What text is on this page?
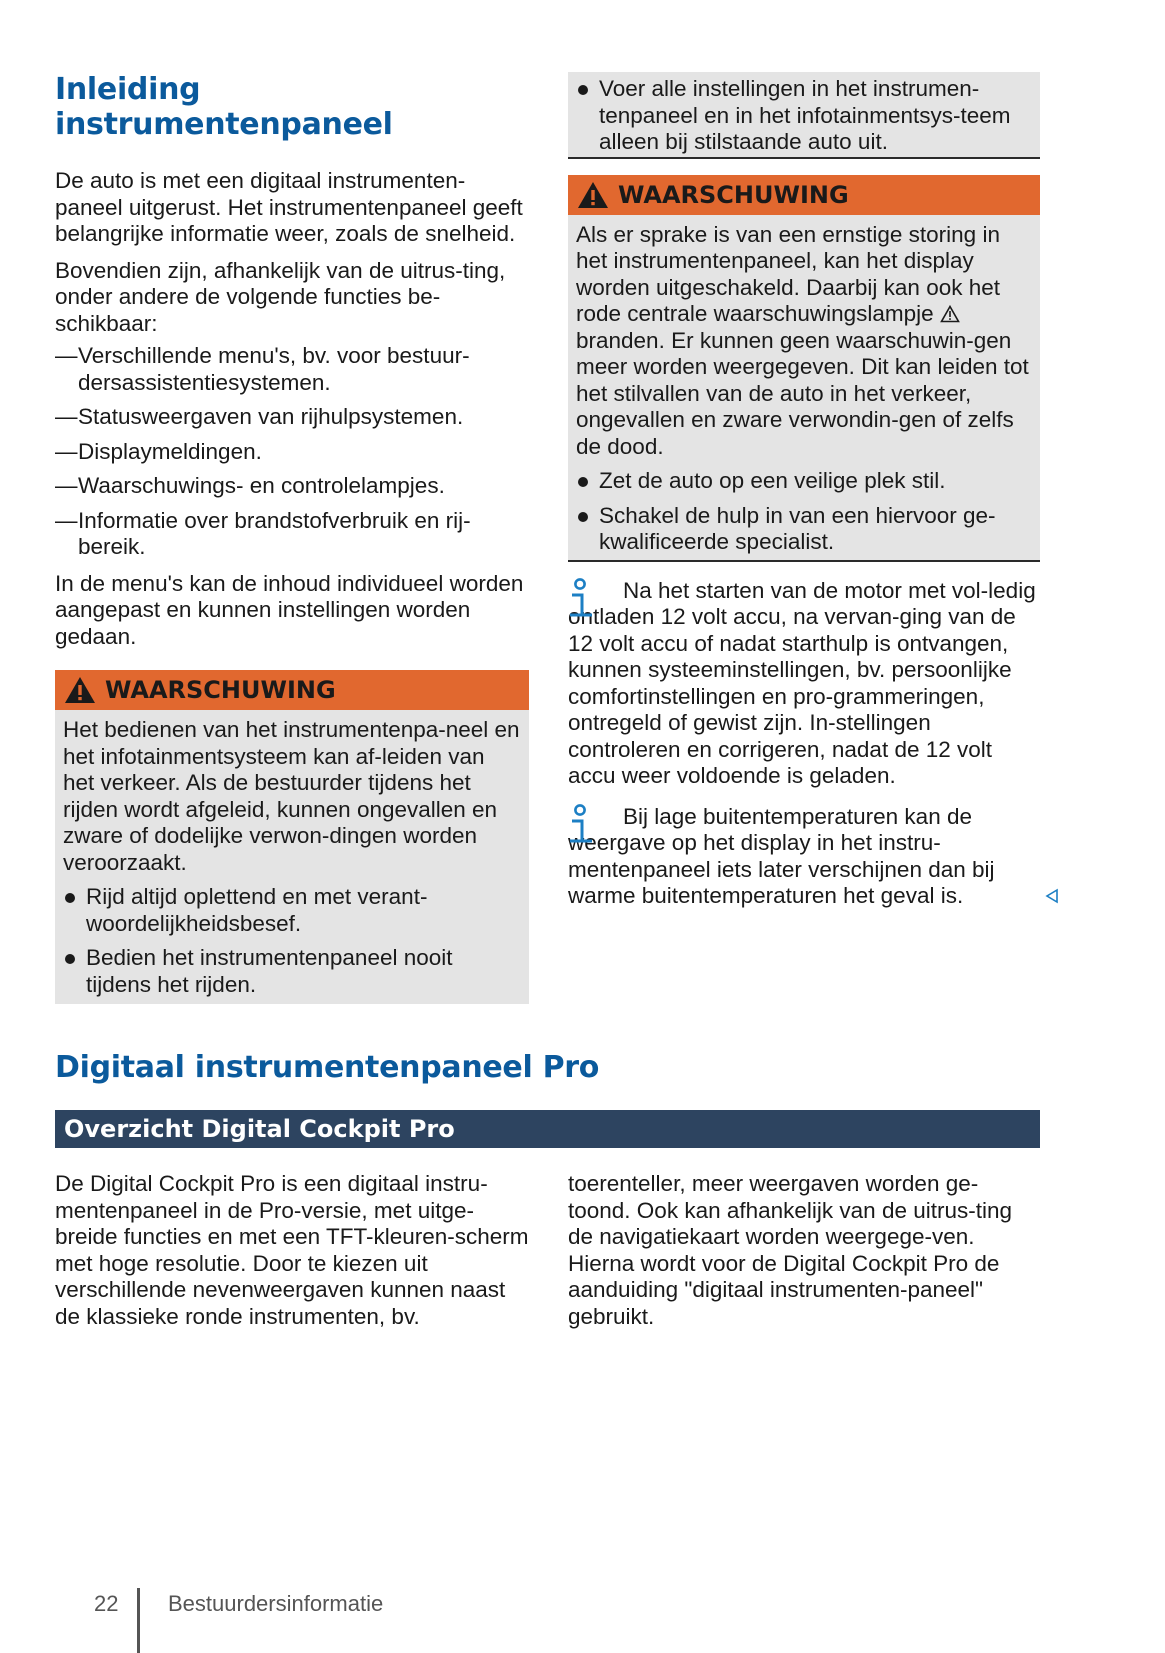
Inleiding instrumentenpaneel

De auto is met een digitaal instrumenten-paneel uitgerust. Het instrumentenpaneel geeft belangrijke informatie weer, zoals de snelheid.

Bovendien zijn, afhankelijk van de uitrus-ting, onder andere de volgende functies be-schikbaar:

— Verschillende menu's, bv. voor bestuur-dersassistentiesystemen.
— Statusweergaven van rijhulpsystemen.
— Displaymeldingen.
— Waarschuwings- en controlelampjes.
— Informatie over brandstofverbruik en rij-bereik.

In de menu's kan de inhoud individueel worden aangepast en kunnen instellingen worden gedaan.

WAARSCHUWING

Het bedienen van het instrumentenpa-neel en het infotainmentsysteem kan af-leiden van het verkeer. Als de bestuurder tijdens het rijden wordt afgeleid, kunnen ongevallen en zware of dodelijke verwon-dingen worden veroorzaakt.

Rijd altijd oplettend en met verant-woordelijkheidsbesef.
Bedien het instrumentenpaneel nooit tijdens het rijden.
Voer alle instellingen in het instrumen-tenpaneel en in het infotainmentsys-teem alleen bij stilstaande auto uit.
WAARSCHUWING

Als er sprake is van een ernstige storing in het instrumentenpaneel, kan het display worden uitgeschakeld. Daarbij kan ook het rode centrale waarschuwingslampje  branden. Er kunnen geen waarschuwin-gen meer worden weergegeven. Dit kan leiden tot het stilvallen van de auto in het verkeer, ongevallen en zware verwondin-gen of zelfs de dood.

Zet de auto op een veilige plek stil.
Schakel de hulp in van een hiervoor ge-kwalificeerde specialist.

Na het starten van de motor met vol-ledig ontladen 12 volt accu, na vervan-ging van de 12 volt accu of nadat starthulp is ontvangen, kunnen systeeminstellingen, bv. persoonlijke comfortinstellingen en pro-grammeringen, ontregeld of gewist zijn. In-stellingen controleren en corrigeren, nadat de 12 volt accu weer voldoende is geladen.

Bij lage buitentemperaturen kan de weergave op het display in het instru-mentenpaneel iets later verschijnen dan bij warme buitentemperaturen het geval is.

Digitaal instrumentenpaneel Pro
Overzicht Digital Cockpit Pro

De Digital Cockpit Pro is een digitaal instru-mentenpaneel in de Pro-versie, met uitge-breide functies en met een TFT-kleuren-scherm met hoge resolutie. Door te kiezen uit verschillende nevenweergaven kunnen naast de klassieke ronde instrumenten, bv.

toerenteller, meer weergaven worden ge-toond. Ook kan afhankelijk van de uitrus-ting de navigatiekaart worden weergege-ven. Hierna wordt voor de Digital Cockpit Pro de aanduiding "digitaal instrumenten-paneel" gebruikt.

22 Bestuurdersinformatie
